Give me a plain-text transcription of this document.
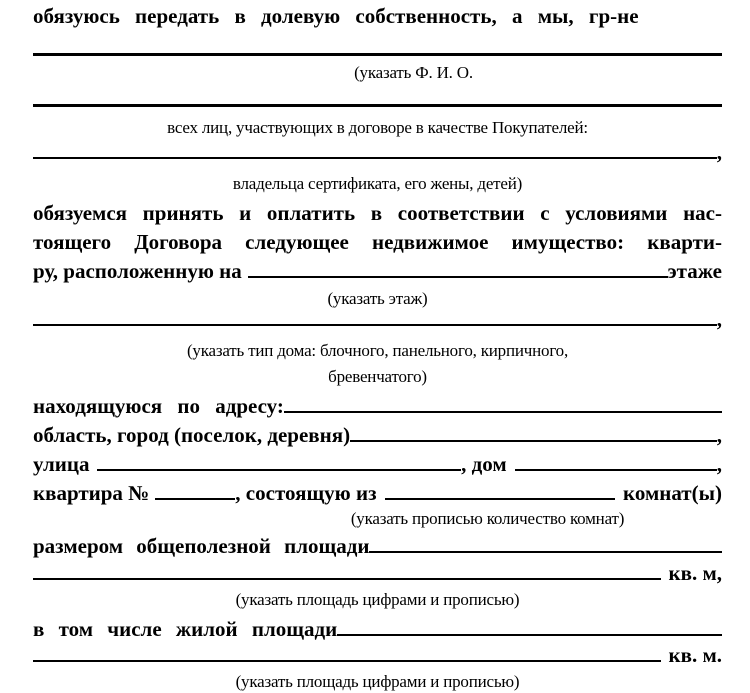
обязуюсь передать в долевую собственность, а мы, гр-не
(указать Ф. И. О.
всех лиц, участвующих в договоре в качестве Покупателей:
,
владельца сертификата, его жены, детей)
обязуемся принять и оплатить в соответствии с условиями нас-
тоящего Договора следующее недвижимое имущество: кварти-
ру, расположенную на	этаже
(указать этаж)
,
(указать тип дома: блочного, панельного, кирпичного,
бревенчатого)
находящуюся по адресу:
область, город (поселок, деревня)	,
улица	, дом	,
квартира №	, состоящую из	комнат(ы)
(указать прописью количество комнат)
размером общеполезной площади
кв. м,
(указать площадь цифрами и прописью)
в том числе жилой площади
кв. м.
(указать площадь цифрами и прописью)
